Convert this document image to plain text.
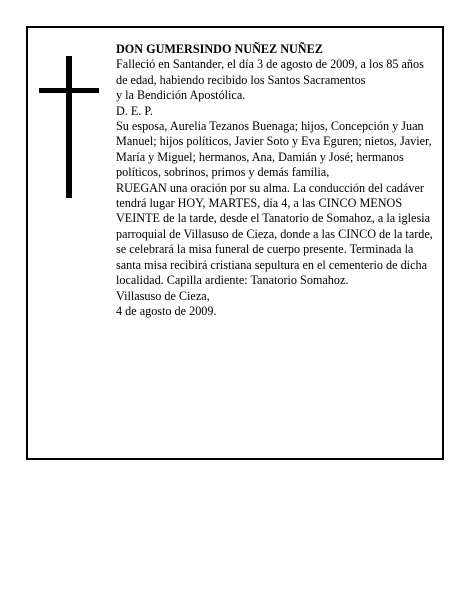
DON GUMERSINDO NUÑEZ NUÑEZ

Falleció en Santander, el día 3 de agosto de 2009, a los 85 años de edad, habiendo recibido los Santos Sacramentos

y la Bendición Apostólica.

D. E. P.

Su esposa, Aurelia Tezanos Buenaga; hijos, Concepción y Juan Manuel; hijos políticos, Javier Soto y Eva Eguren; nietos, Javier, María y Miguel; hermanos, Ana, Damián y José; hermanos políticos, sobrinos, primos y demás familia,

RUEGAN una oración por su alma. La conducción del cadáver tendrá lugar HOY, MARTES, día 4, a las CINCO MENOS VEINTE de la tarde, desde el Tanatorio de Somahoz, a la iglesia parroquial de Villasuso de Cieza, donde a las CINCO de la tarde, se celebrará la misa funeral de cuerpo presente. Terminada la santa misa recibirá cristiana sepultura en el cementerio de dicha localidad. Capilla ardiente: Tanatorio Somahoz.

Villasuso de Cieza,

4 de agosto de 2009.
